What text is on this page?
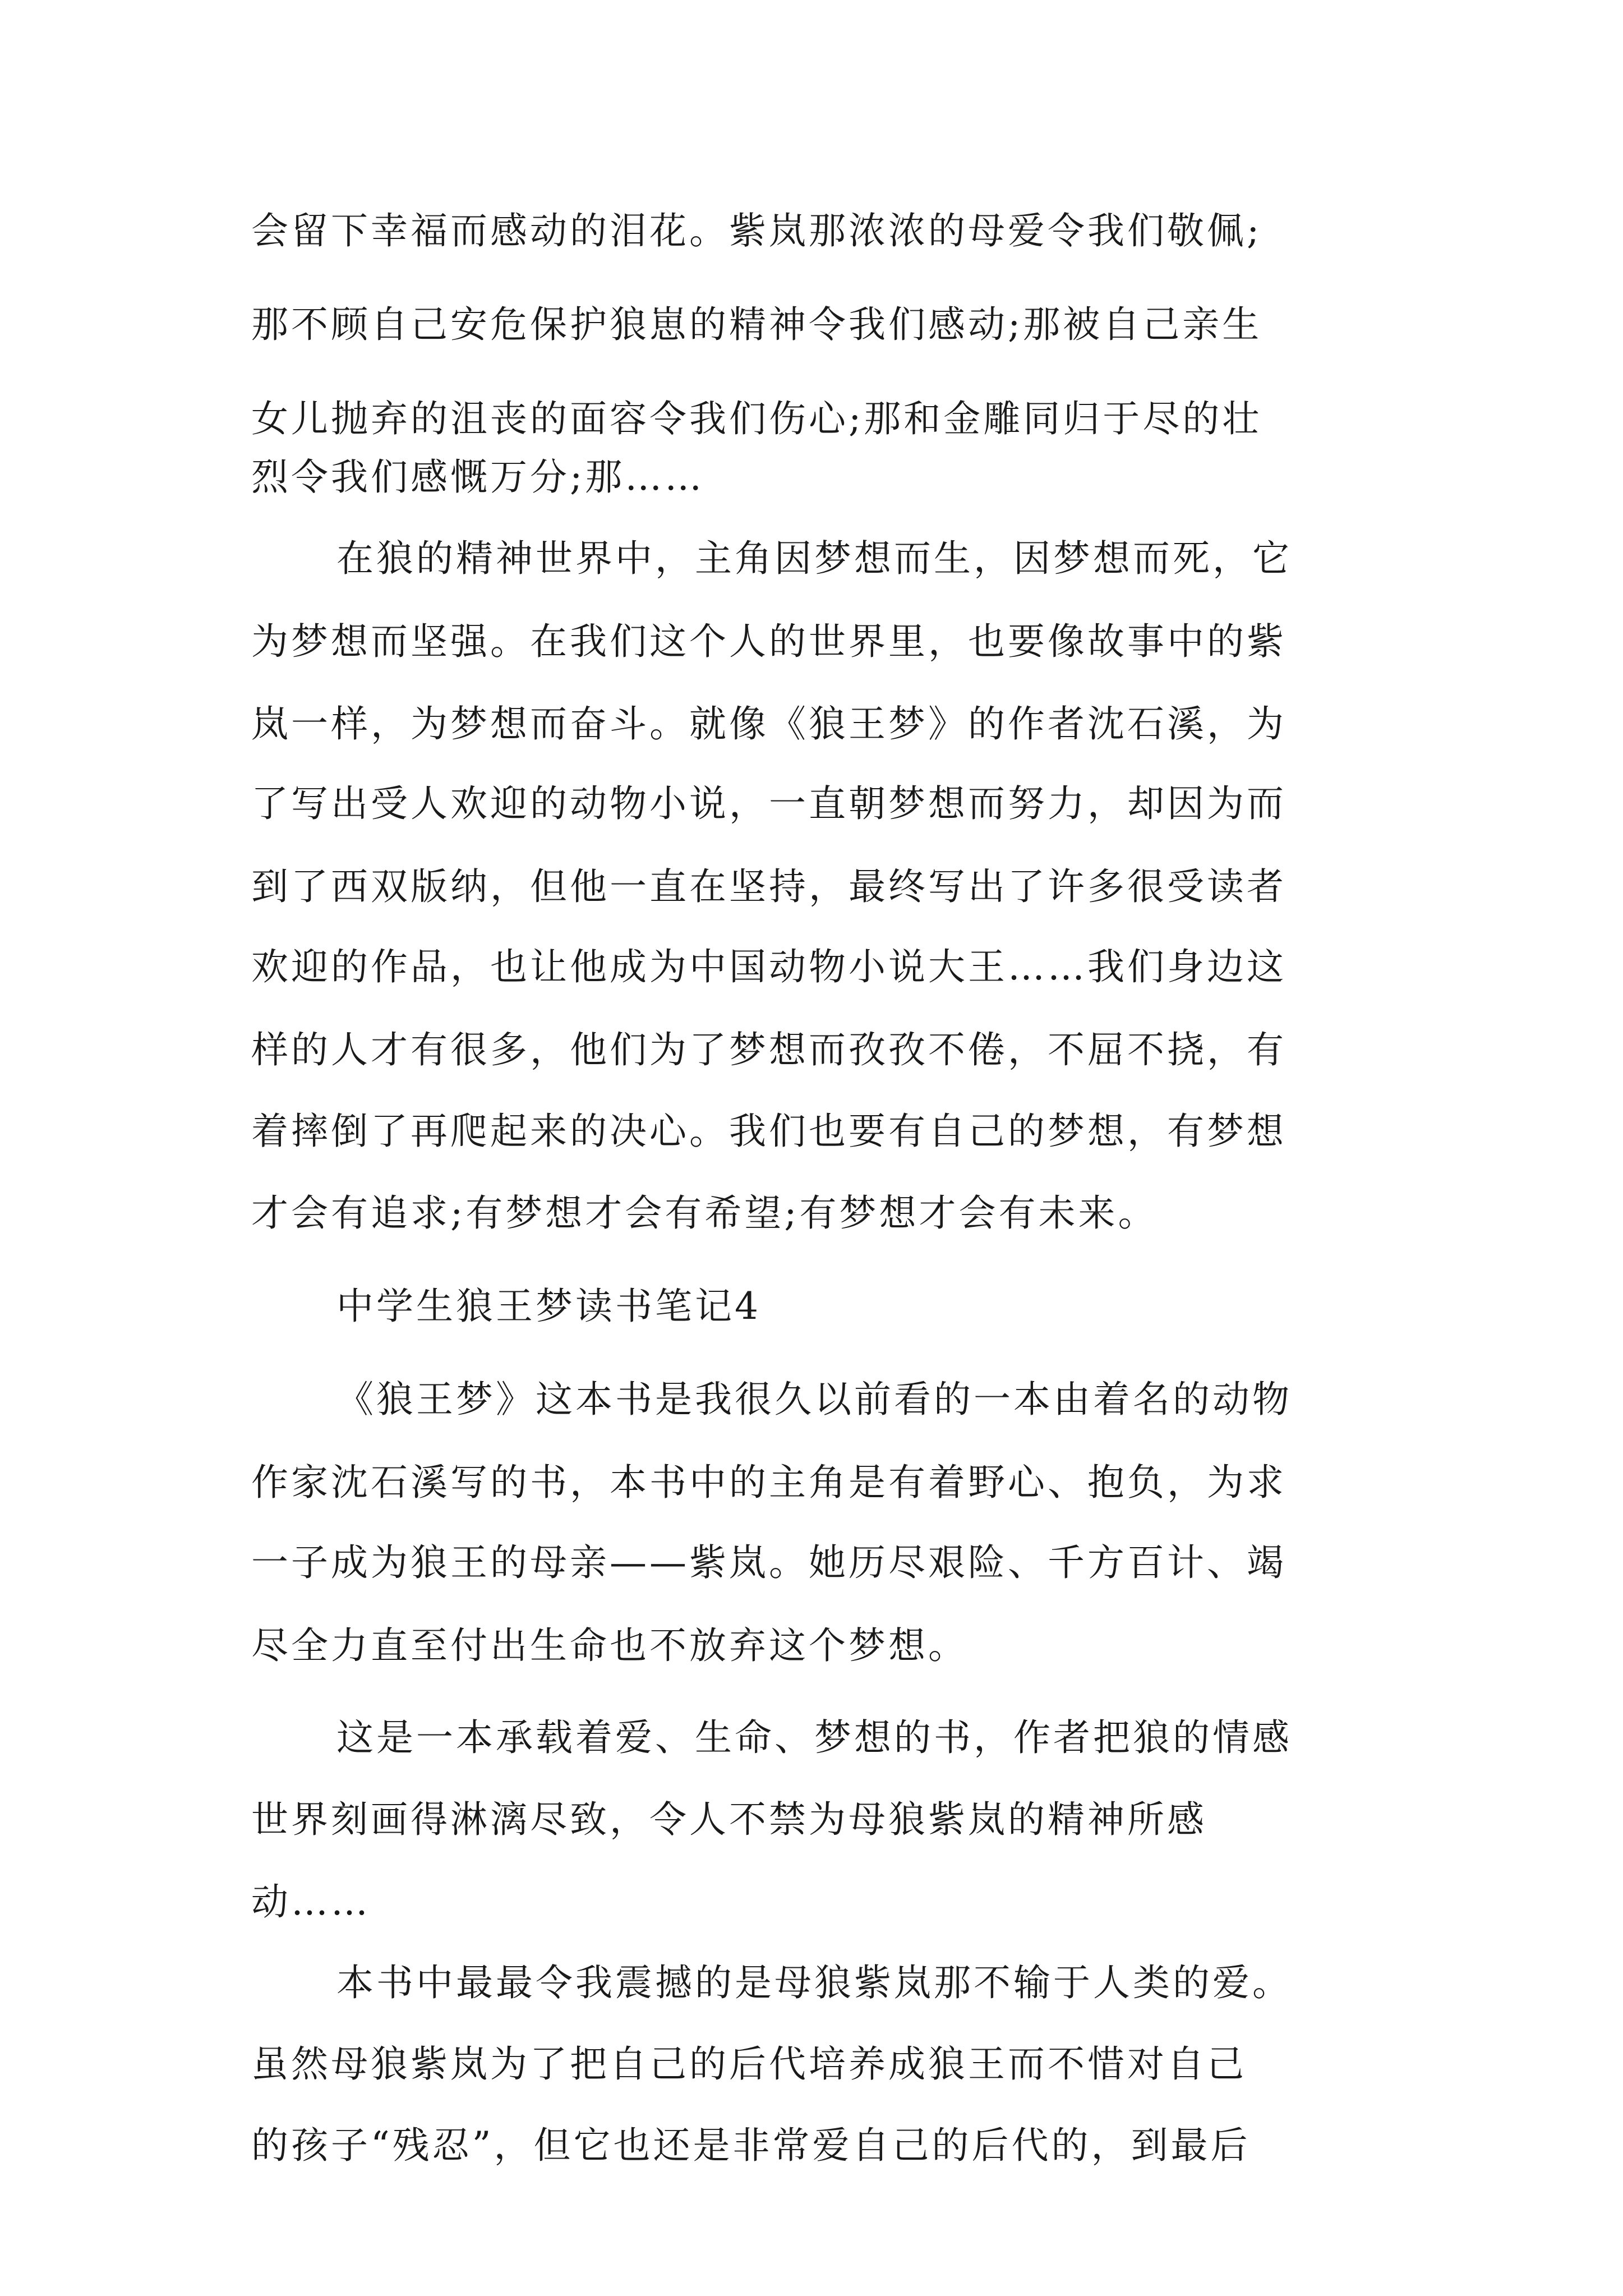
会留下幸福而感动的泪花。紫岚那浓浓的母爱令我们敬佩;
那不顾自己安危保护狼崽的精神令我们感动;那被自己亲生
女儿抛弃的沮丧的面容令我们伤心;那和金雕同归于尽的壮
烈令我们感慨万分;那……
在狼的精神世界中，主角因梦想而生，因梦想而死，它
为梦想而坚强。在我们这个人的世界里，也要像故事中的紫
岚一样，为梦想而奋斗。就像《狼王梦》的作者沈石溪，为
了写出受人欢迎的动物小说，一直朝梦想而努力，却因为而
到了西双版纳，但他一直在坚持，最终写出了许多很受读者
欢迎的作品，也让他成为中国动物小说大王……我们身边这
样的人才有很多，他们为了梦想而孜孜不倦，不屈不挠，有
着摔倒了再爬起来的决心。我们也要有自己的梦想，有梦想
才会有追求;有梦想才会有希望;有梦想才会有未来。
中学生狼王梦读书笔记4
《狼王梦》这本书是我很久以前看的一本由着名的动物
作家沈石溪写的书，本书中的主角是有着野心、抱负，为求
一子成为狼王的母亲——紫岚。她历尽艰险、千方百计、竭
尽全力直至付出生命也不放弃这个梦想。
这是一本承载着爱、生命、梦想的书，作者把狼的情感
世界刻画得淋漓尽致，令人不禁为母狼紫岚的精神所感
动……
本书中最最令我震撼的是母狼紫岚那不输于人类的爱。
虽然母狼紫岚为了把自己的后代培养成狼王而不惜对自己
的孩子“残忍”，但它也还是非常爱自己的后代的，到最后
